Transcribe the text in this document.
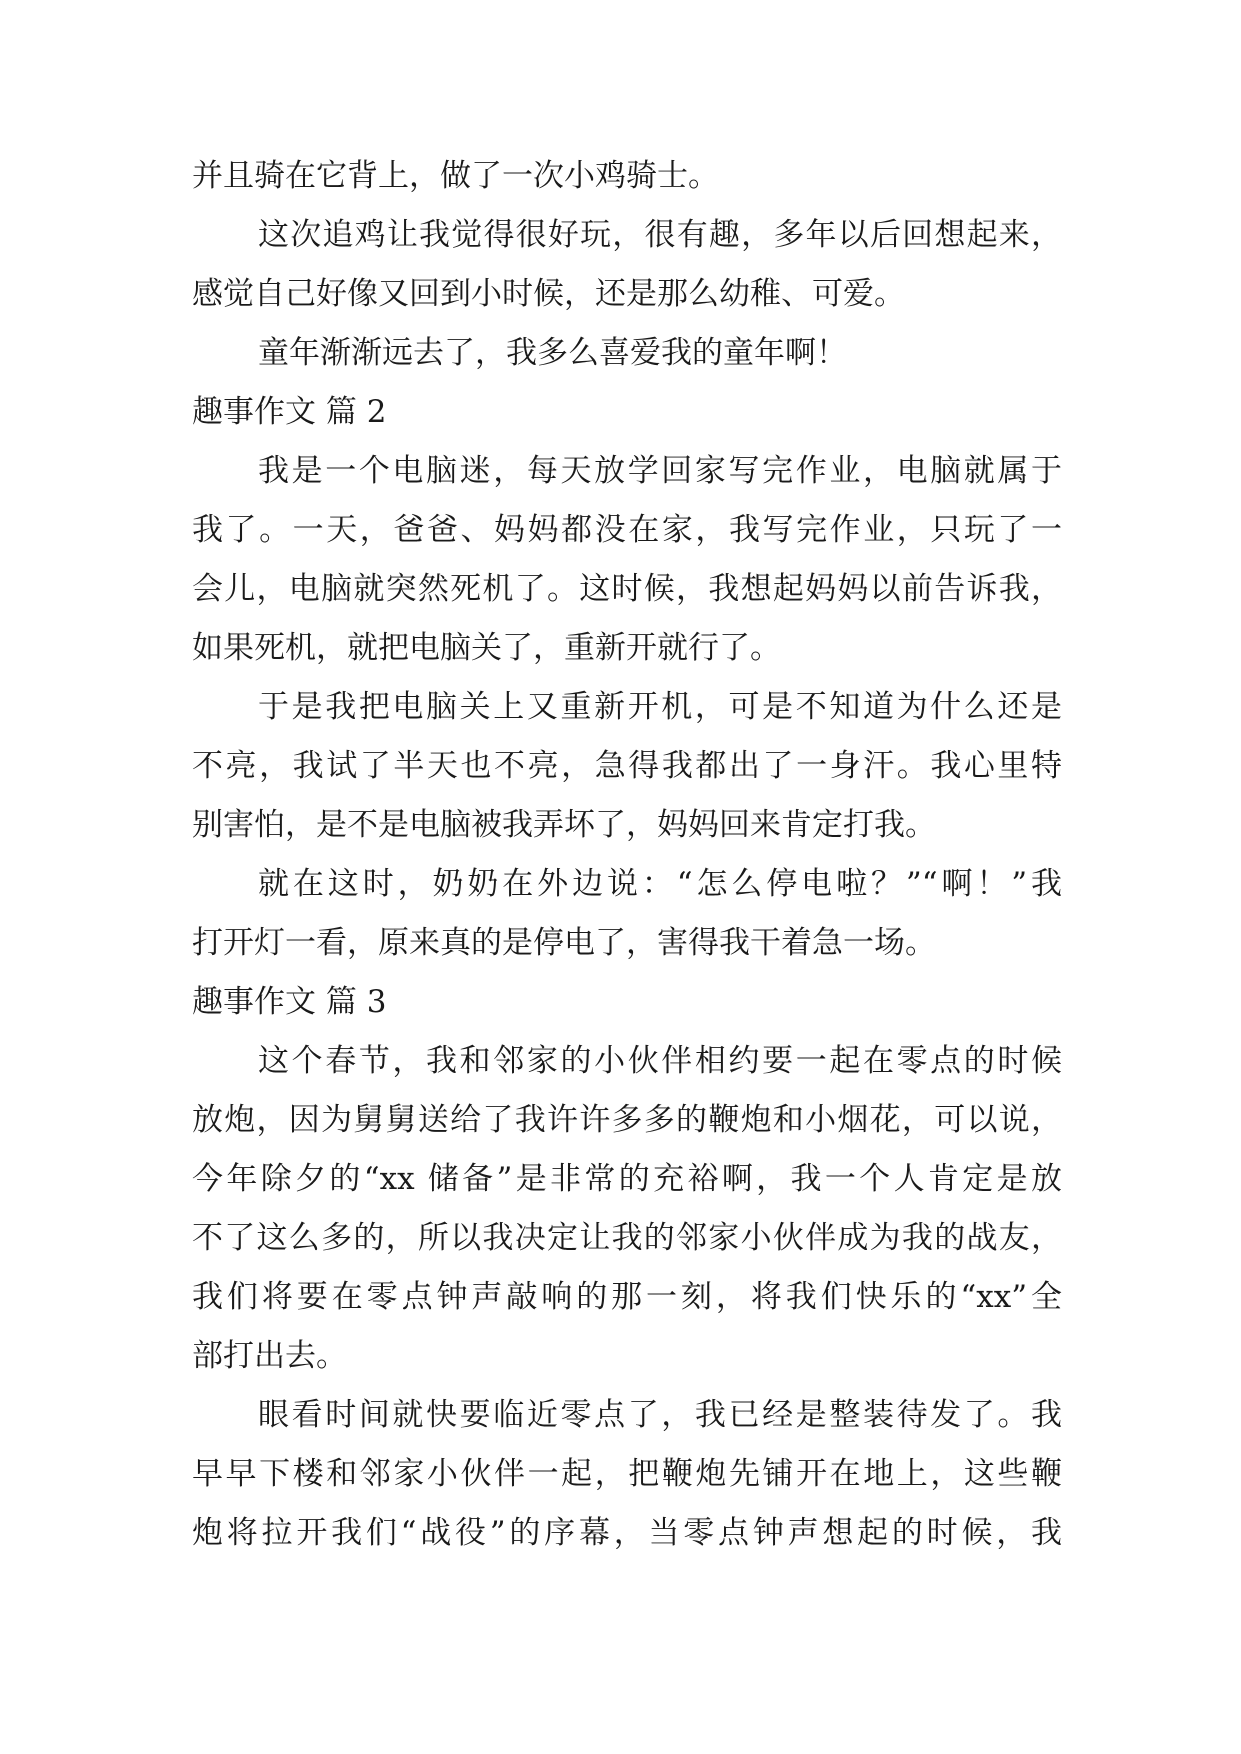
并且骑在它背上，做了一次小鸡骑士。
这次追鸡让我觉得很好玩，很有趣，多年以后回想起来，
感觉自己好像又回到小时候，还是那么幼稚、可爱。
童年渐渐远去了，我多么喜爱我的童年啊！
趣事作文 篇 2
我是一个电脑迷，每天放学回家写完作业，电脑就属于
我了。一天，爸爸、妈妈都没在家，我写完作业，只玩了一
会儿，电脑就突然死机了。这时候，我想起妈妈以前告诉我，
如果死机，就把电脑关了，重新开就行了。
于是我把电脑关上又重新开机，可是不知道为什么还是
不亮，我试了半天也不亮，急得我都出了一身汗。我心里特
别害怕，是不是电脑被我弄坏了，妈妈回来肯定打我。
就在这时，奶奶在外边说：“怎么停电啦？”“啊！”我
打开灯一看，原来真的是停电了，害得我干着急一场。
趣事作文 篇 3
这个春节，我和邻家的小伙伴相约要一起在零点的时候
放炮，因为舅舅送给了我许许多多的鞭炮和小烟花，可以说，
今年除夕的“xx 储备”是非常的充裕啊，我一个人肯定是放
不了这么多的，所以我决定让我的邻家小伙伴成为我的战友，
我们将要在零点钟声敲响的那一刻，将我们快乐的“xx”全
部打出去。
眼看时间就快要临近零点了，我已经是整装待发了。我
早早下楼和邻家小伙伴一起，把鞭炮先铺开在地上，这些鞭
炮将拉开我们“战役”的序幕，当零点钟声想起的时候，我
